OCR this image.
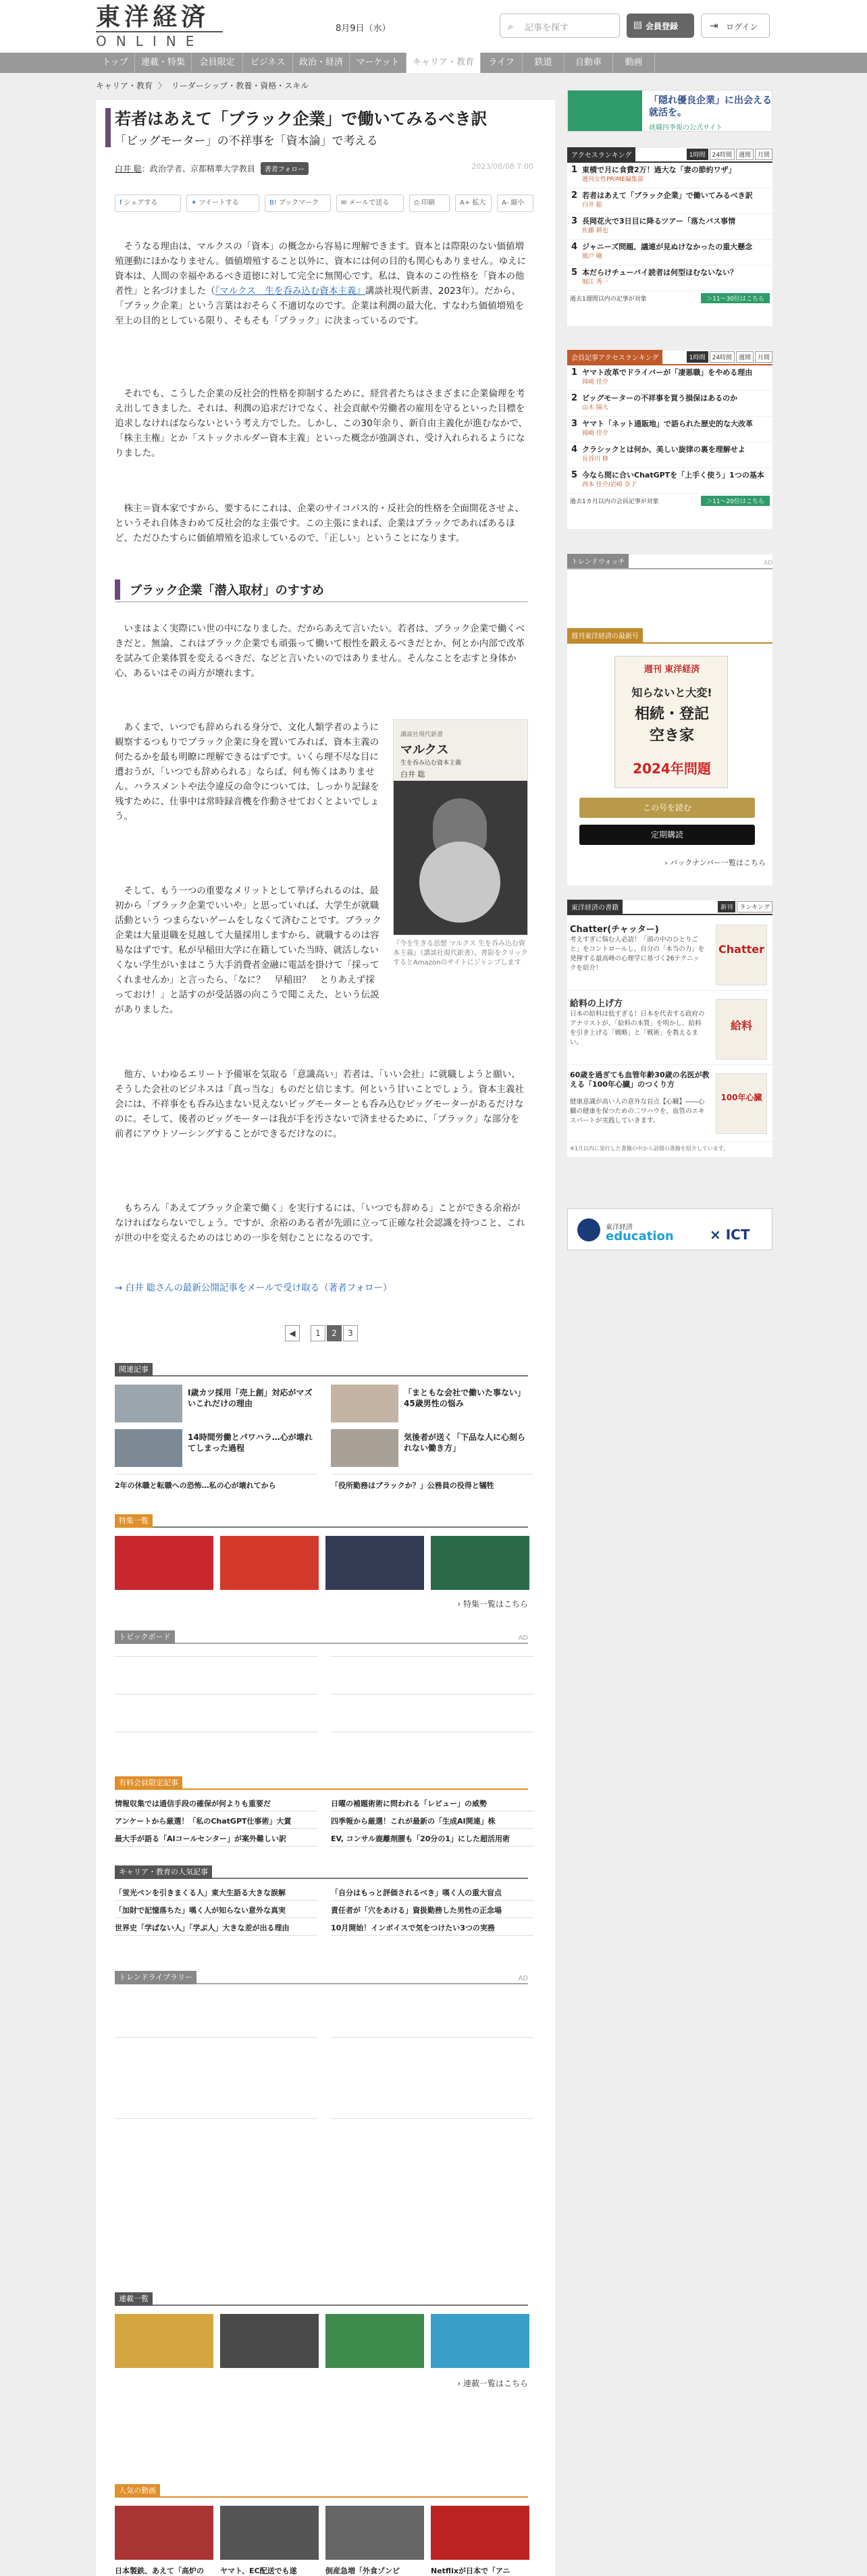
東洋経済
ONLINE
8月9日（水）	⌕ 記事を探す	▤ 会員登録	⇥ ログイン
トップ	連載・特集	会員限定	ビジネス	政治・経済	マーケット	キャリア・教育	ライフ	鉄道	自動車	動画
キャリア・教育 〉 リーダーシップ・教養・資格・スキル
若者はあえて「ブラック企業」で働いてみるべき訳
「ビッグモーター」の不祥事を「資本論」で考える
白井 聡：政治学者、京都精華大学教員 著者フォロー	2023/08/08 7:00
f シェアする	✦ ツイートする	B! ブックマーク	✉ メールで送る	⎙ 印刷	A+ 拡大	A- 縮小

そうなる理由は、マルクスの「資本」の概念から容易に理解できます。資本とは際限のない価値増殖運動にほかなりません。価値増殖すること以外に、資本には何の目的も関心もありません。ゆえに資本は、人間の幸福やあるべき道徳に対して完全に無関心です。私は、資本のこの性格を「資本の他者性」と名づけました（『マルクス　生を呑み込む資本主義』講談社現代新書、2023年）。だから、「ブラック企業」という言葉はおそらく不適切なのです。企業は利潤の最大化、すなわち価値増殖を至上の目的としている限り、そもそも「ブラック」に決まっているのです。

それでも、こうした企業の反社会的性格を抑制するために、経営者たちはさまざまに企業倫理を考え出してきました。それは、利潤の追求だけでなく、社会貢献や労働者の雇用を守るといった目標を追求しなければならないという考え方でした。しかし、この30年余り、新自由主義化が進むなかで、「株主主権」とか「ストックホルダー資本主義」といった概念が強調され、受け入れられるようになりました。

株主＝資本家ですから、要するにこれは、企業のサイコパス的・反社会的性格を全面開花させよ、というそれ自体きわめて反社会的な主張です。この主張にまれば、企業はブラックであればあるほど、ただひたすらに価値増殖を追求しているので、「正しい」ということになります。

ブラック企業「潜入取材」のすすめ

いまはよく実際にい世の中になりました。だからあえて言いたい。若者は、ブラック企業で働くべきだと。無論、これはブラック企業でも頑張って働いて根性を鍛えるべきだとか、何とか内部で改革を試みて企業体質を変えるべきだ、などと言いたいのではありません。そんなことを志すと身体か心、あるいはその両方が壊れます。

あくまで、いつでも辞められる身分で、文化人類学者のように観察するつもりでブラック企業に身を置いてみれば、資本主義の何たるかを最も明瞭に理解できるはずです。いくら理不尽な目に遭おうが、「いつでも辞められる」ならば、何も怖くはありません。ハラスメントや法令違反の命令については、しっかり記録を残すために、仕事中は常時録音機を作動させておくとよいでしょう。

そして、もう一つの重要なメリットとして挙げられるのは、最初から「ブラック企業でいいや」と思っていれば、大学生が就職活動という つまらないゲームをしなくて済むことです。ブラック企業は大量退職を見越して大量採用しますから、就職するのは容易なはずです。私が早稲田大学に在籍していた当時、就活しないくない学生がいまはこう大手消費者金融に電話を掛けて「採ってくれませんか」と言ったら、「なに？　早稲田？　とりあえず採っておけ！」と話すのが受話器の向こうで聞こえた、という伝説がありました。

他方、いわゆるエリート予備軍を気取る「意識高い」若者は、「いい会社」に就職しようと願い、そうした会社のビジネスは「真っ当な」ものだと信じます。何という甘いことでしょう。資本主義社会には、不祥事をも呑み込まない見えないビッグモーターとも呑み込むビッグモーターがあるだけなのに。そして、後者のビッグモーターは我が手を汚さないで済ませるために、「ブラック」な部分を前者にアウトソーシングすることができるだけなのに。

もちろん「あえてブラック企業で働く」を実行するには、「いつでも辞める」ことができる余裕がなければならないでしょう。ですが、余裕のある者が先頭に立って正確な社会認識を持つこと、これが世の中を変えるためのはじめの一歩を刻むことになるのです。

講談社現代新書
マルクス
生を呑み込む資本主義
白井 聡
『今を生きる思想 マルクス 生を呑み込む資本主義』（講談社現代新書）。書影をクリックするとAmazonのサイトにジャンプします
→ 白井 聡さんの最新公開記事をメールで受け取る（著者フォロー）
◀	1	2	3
関連記事
Ⅰ歳カツ採用「売上創」対応がマズいこれだけの理由
「まともな会社で働いた事ない」45歳男性の悩み
14時間労働とパワハラ…心が壊れてしまった過程
気後者が送く「下品な人に心刻られない働き方」
2年の休職と転職への恐怖…私の心が壊れてから	「役所勤務はブラックか？」公務員の役得と犠牲
特集一覧
› 特集一覧はこちら
トピックボード	AD
有料会員限定記事
情報収集では通信手段の確保が何よりも重要だ	日曜の補題術術に問われる「レビュー」の威勢
アンケートから厳選！「私のChatGPT仕事術」大賞	四季報から厳選！これが最新の「生成AI関連」株
最大手が語る「AIコールセンター」が案外難しい訳	EV, コンサル鹿離剤腰も「20分の1」にした超活用術
キャリア・教育の人気記事
「蛍光ペンを引きまくる人」東大生語る大きな誤解	「自分はもっと評価されるべき」嘆く人の重大盲点
「加財で記憶落ちた」嘆く人が知らない意外な真実	責任者が「穴をあける」資扱勤務した男性の正念場
世界史「学ばない人」「学ぶ人」大きな差が出る理由	10月開始！インボイスで気をつけたい3つの実務
トレンドライブラリー	AD
連載一覧
› 連載一覧はこちら
人気の動画
日本製鉄、あえて「高炉の ヤマト、EC配送でも遂	倒産急増「外食ゾンビ	Netflixが日本で「アニ
「隠れ優良企業」に出会える就活を。
就職四季報の公式サイト
アクセスランキング	1時間 24時間 週間 月間
1 東横で月に食費2万！過大な「妻の節約ワザ」
週刊女性PRIME編集部
2 若者はあえて「ブラック企業」で働いてみるべき訳
白井 聡
3 長岡花火で3日目に降るツアー「落たバス事情
佐藤 耕也
4 ジャニーズ問題、議連が見ぬけなかったの重大懸念
風戸 剛
5 本だらけチューバイ読者は何型ほむないない？
堀江 秀一
過去1週間以内の記事が対象	＞11〜30位はこちら
会員記事アクセスランキング	1時間 24時間 週間 月間
1 ヤマト改革でドライバーが「凄悪職」をやめる理由
岡崎 佳介
2 ビッグモーターの不祥事を買う損保はあるのか
山木 陽大
3 ヤマト「ネット通販地」で語られた歴史的な大改革
岡崎 佳介
4 クラシックとは何か、美しい旋律の裏を理解せよ
長谷川 修
5 今なら間に合いChatGPTを「上手く使う」1つの基本
西本 佳介/岩崎 奈子
過去1カ月以内の会員記事が対象	＞11〜20位はこちら
トレンドウォッチ	AD
週刊東洋経済の最新号
週刊 東洋経済
知らないと大変!
相続・登記
空き家
2024年問題
この号を読む
定期購読
› バックナンバー一覧はこちら
東洋経済の書籍	新刊 ランキング
Chatter(チャッター)
考えすぎに悩む人必読！「頭の中のひとりごと」をコントロールし、自分の「本当の力」を発揮する最高峰の心理学に基づく26テクニックを紹介！
Chatter
給料の上げ方
日本の給料は低すぎる！日本を代表する政府のアナリストが、「給料の本質」を明かし、給料を引き上げる「戦略」と「戦術」を教えるまい。
給料
60歳を過ぎても血管年齢30歳の名医が教える「100年心臓」のつくり方
健康意識が高い人の意外な盲点【心臓】――心臓の健康を保つための二ワハウを、血管のエキスパートが実践していきます。
100年心臓
※1月以内に発行した書籍の中から話題の書籍を紹介しています。
東洋経済
education	× ICT
